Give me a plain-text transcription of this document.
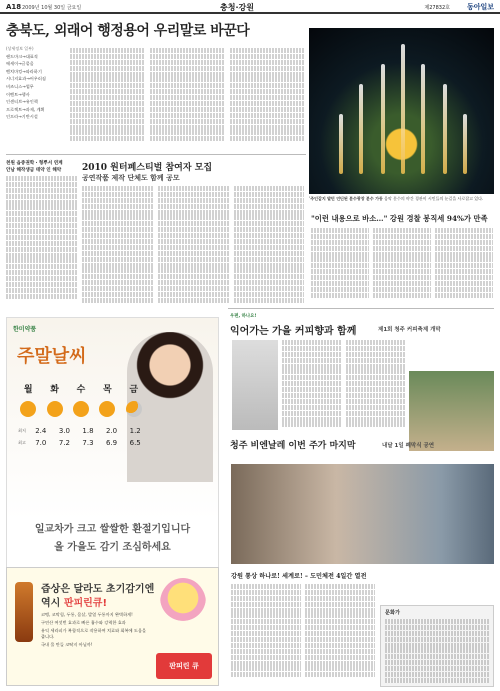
A18 2009년 10월 30일 금요일	충청·강원	제27832호 동아일보
충북도, 외래어 행정용어 우리말로 바꾼다
(상세정보 일부)
랜드마크→대표적
에세이→글묶음
벤치마킹→따라하기
시너지효과→어우러짐
비즈니스→업무
이벤트→행사
인센티브→유인책
프로젝트→과제, 계획
인프라→기반시설
'주인같지 말던 언딘된 분수광장 분수 가동 음악 분수의 야간 경관이 시민들의 눈길을 사로잡고 있다.
천원 읍중권학・형뿌서 연계
안남 해작생금 테약 인 해약	2010 원터페스티벌 참여자 모집
공연작품 제작 단체도 함께 공모
"이런 내용으로 바소…" 강원 경찰 봉직세 94%가 만족
우편, 하나요!
익어가는 가을 커피향과 함께	제1회 청주 커피축제 개막
청주 비엔날레 이번 주가 마지막	내달 1일 폐막식 공연
강원 통상 하나로! 세계로! – 도민체전 4일간 열전
문화가
한미약품
주말날씨
월 화 수 목 금
최저	2.4	3.0	1.8	2.0	1.2
최고	7.0	7.2	7.3	6.9	6.5
일교차가 크고 쌀쌀한 환절기입니다
올 가을도 감기 조심하세요
즙상은 달라도 초기감기엔
역시 판피린큐!
코맹, 코막힘, 두통, 몸살, 발열 두통까지 완벽하게!
구연산 여섯번 효과로 빠른 흡수와 강력한 효과
유익 세라피가 복합적으로 작용하여 치료와 회복에 도움을 줍니다.
국내 물 만들 코딱지 아닐까!
판피린 큐
